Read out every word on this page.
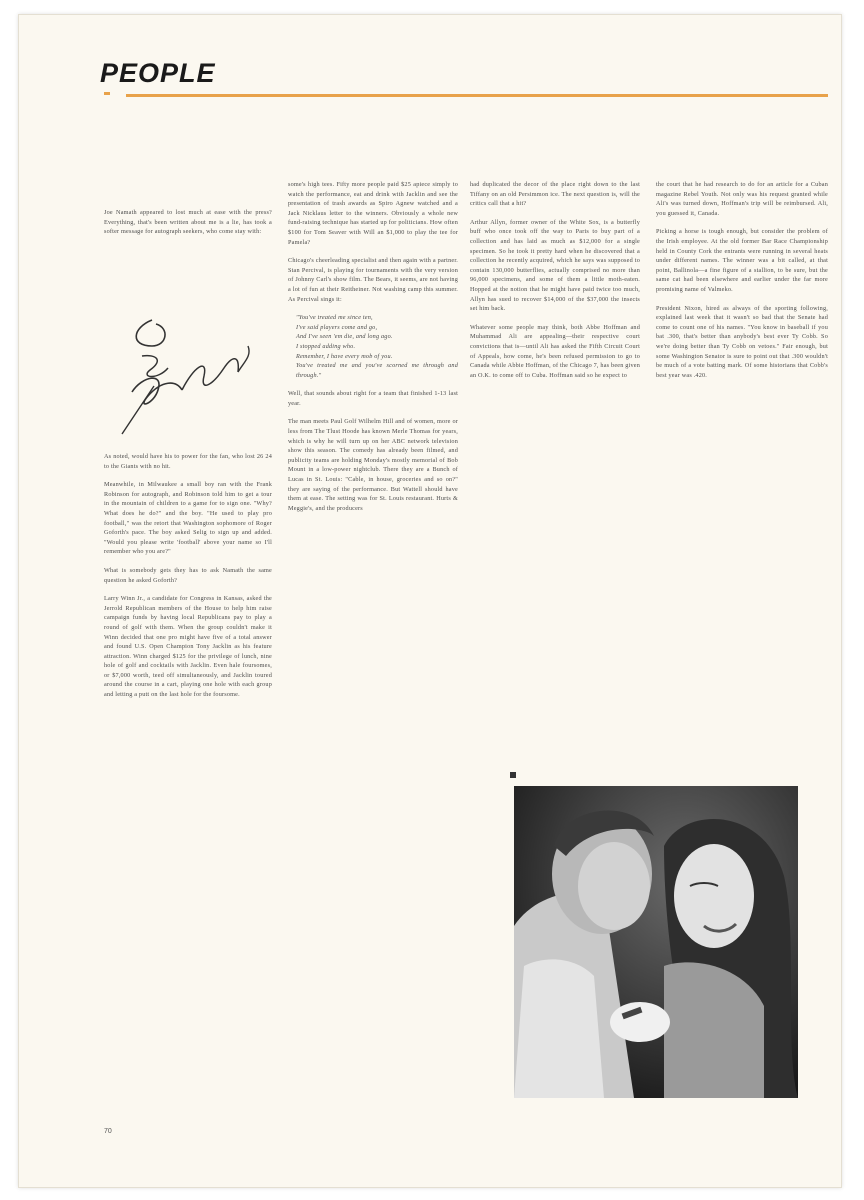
PEOPLE

Joe Namath appeared to lost much at ease with the press? Everything, that's been written about me is a lie, has took a softer message for autograph seekers, who come stay with:

As noted, would have his to power for the fan, who lost 26 24 to the Giants with no hit.

Meanwhile, in Milwaukee a small boy ran with the Frank Robinson for autograph, and Robinson told him to get a tour in the mountain of children to a game for to sign one. "Why? What does he do?" and the boy. "He used to play pro football," was the retort that Washington sophomore of Roger Goforth's pace. The boy asked Selig to sign up and added. "Would you please write 'football' above your name so I'll remember who you are?"

What is somebody gets they has to ask Namath the same question he asked Goforth?

Larry Winn Jr., a candidate for Congress in Kansas, asked the Jerrold Republican members of the House to help him raise campaign funds by having local Republicans pay to play a round of golf with them. When the group couldn't make it Winn decided that one pro might have five of a total answer and found U.S. Open Champion Tony Jacklin as his feature attraction. Winn charged $125 for the privilege of lunch, nine hole of golf and cocktails with Jacklin. Even hale foursomes, or $7,000 worth, teed off simultaneously, and Jacklin toured around the course in a cart, playing one hole with each group and letting a putt on the last hole for the foursome.

some's high tees. Fifty more people paid $25 apiece simply to watch the performance, eat and drink with Jacklin and see the presentation of trash awards as Spiro Agnew watched and a Jack Nicklaus letter to the winners. Obviously a whole new fund-raising technique has started up for politicians. How often $100 for Tom Seaver with Will an $1,000 to play the tee for Pamela?

Chicago's cheerleading specialist and then again with a partner. Stan Percival, is playing for tournaments with the very version of Johnny Carl's show film. The Bears, it seems, are not having a lot of fun at their Reitheiner. Not washing camp this summer. As Percival sings it:

"You've treated me since ten,
I've said players come and go,
And I've seen 'em die, and long ago.
I stopped adding who.
Remember, I have every mob of you.
You've treated me and you've scorned me through and through."

Well, that sounds about right for a team that finished 1-13 last year.

The man meets Paul Golf Wilhelm Hill and of women, more or less from The Tlust Hoode has known Merle Thomas for years, which is why he will turn up on her ABC network television show this season. The comedy has already been filmed, and publicity teams are holding Monday's mostly memorial of Bob Mount in a low-power nightclub. There they are a Bunch of Lucas in St. Louis: "Cable, in house, groceries and so on?" they are saying of the performance. But Wattell should have them at ease. The setting was for St. Louis restaurant. Hurts & Meggie's, and the producers

had duplicated the decor of the place right down to the last Tiffany on an old Persimmon ice. The next question is, will the critics call that a hit?

Arthur Allyn, former owner of the White Sox, is a butterfly buff who once took off the way to Paris to buy part of a collection and has laid as much as $12,000 for a single specimen. So he took it pretty hard when he discovered that a collection he recently acquired, which he says was supposed to contain 130,000 butterflies, actually comprised no more than 96,000 specimens, and some of them a little moth-eaten. Hopped at the notion that he might have paid twice too much, Allyn has sued to recover $14,000 of the $37,000 the insects set him back.

Whatever some people may think, both Abbe Hoffman and Muhammad Ali are appealing—their respective court convictions that is—until Ali has asked the Fifth Circuit Court of Appeals, how come, he's been refused permission to go to Canada while Abbie Hoffman, of the Chicago 7, has been given an O.K. to come off to Cuba. Hoffman said so he expect to

the court that he had research to do for an article for a Cuban magazine Rebel Youth. Not only was his request granted while Ali's was turned down, Hoffman's trip will be reimbursed. Ali, you guessed it, Canada.

Picking a horse is tough enough, but consider the problem of the Irish employee. At the old former Bar Race Championship held in County Cork the entrants were running in several heats under different names. The winner was a bit called, at that point, Ballinola—a fine figure of a stallion, to be sure, but the same cat had been elsewhere and earlier under the far more promising name of Valmeko.

President Nixon, hired as always of the sporting following, explained last week that it wasn't so bad that the Senate had come to count one of his names. "You know in baseball if you bat .300, that's better than anybody's best ever Ty Cobb. So we're doing better than Ty Cobb on vetoes." Fair enough, but some Washington Senator is sure to point out that .300 wouldn't be much of a vote batting mark. Of some historians that Cobb's best year was .420.

70
